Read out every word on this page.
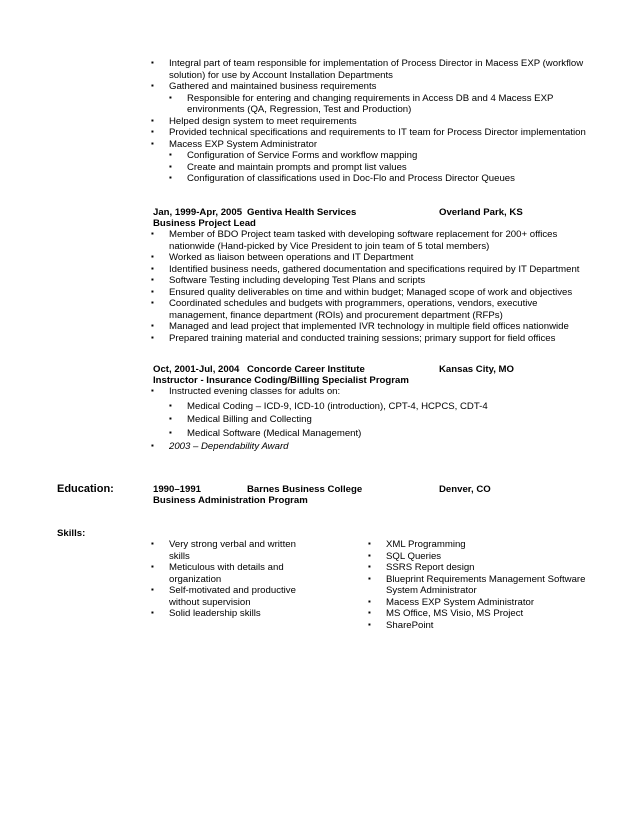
▪ Integral part of team responsible for implementation of Process Director in Macess EXP (workflow solution) for use by Account Installation Departments
▪ Gathered and maintained business requirements
▪ Responsible for entering and changing requirements in Access DB and 4 Macess EXP environments (QA, Regression, Test and Production)
▪ Helped design system to meet requirements
▪ Provided technical specifications and requirements to IT team for Process Director implementation
▪ Macess EXP System Administrator
▪ Configuration of Service Forms and workflow mapping
▪ Create and maintain prompts and prompt list values
▪ Configuration of classifications used in Doc-Flo and Process Director Queues
Jan, 1999-Apr, 2005 Gentiva Health Services	Overland Park, KS
Business Project Lead
▪ Member of BDO Project team tasked with developing software replacement for 200+ offices nationwide (Hand-picked by Vice President to join team of 5 total members)
▪ Worked as liaison between operations and IT Department
▪ Identified business needs, gathered documentation and specifications required by IT Department
▪ Software Testing including developing Test Plans and scripts
▪ Ensured quality deliverables on time and within budget; Managed scope of work and objectives
▪ Coordinated schedules and budgets with programmers, operations, vendors, executive management, finance department (ROIs) and procurement department (RFPs)
▪ Managed and lead project that implemented IVR technology in multiple field offices nationwide
▪ Prepared training material and conducted training sessions; primary support for field offices
Oct, 2001-Jul, 2004 Concorde Career Institute	Kansas City, MO
Instructor - Insurance Coding/Billing Specialist Program
▪ Instructed evening classes for adults on:
▪ Medical Coding – ICD-9, ICD-10 (introduction), CPT-4, HCPCS, CDT-4
▪ Medical Billing and Collecting
▪ Medical Software (Medical Management)
▪ 2003 – Dependability Award
Education:	1990–1991	Barnes Business College	Denver, CO
Business Administration Program
Skills:
▪ Very strong verbal and written skills
▪ Meticulous with details and organization
▪ Self-motivated and productive without supervision
▪ Solid leadership skills
▪ XML Programming
▪ SQL Queries
▪ SSRS Report design
▪ Blueprint Requirements Management Software System Administrator
▪ Macess EXP System Administrator
▪ MS Office, MS Visio, MS Project
▪ SharePoint
